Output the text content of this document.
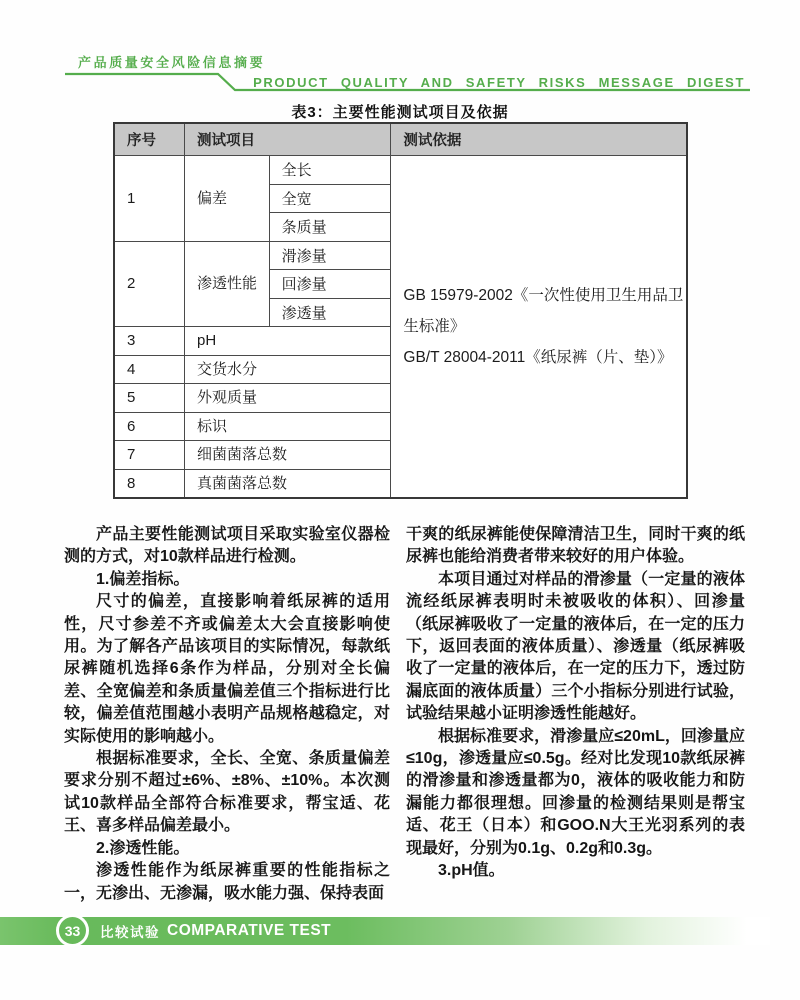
产品质量安全风险信息摘要
PRODUCT QUALITY AND SAFETY RISKS MESSAGE DIGEST
表3：主要性能测试项目及依据
序号	测试项目		测试依据
1	偏差	全长	GB 15979-2002《一次性使用卫生用品卫生标准》
GB/T 28004-2011《纸尿裤（片、垫）》

		全宽	
		条质量	
2	渗透性能	滑渗量	
		回渗量	
		渗透量	
3	pH		
4	交货水分		
5	外观质量		
6	标识		
7	细菌菌落总数		
8	真菌菌落总数		

产品主要性能测试项目采取实验室仪器检测的方式，对10款样品进行检测。

1.偏差指标。

尺寸的偏差，直接影响着纸尿裤的适用性，尺寸参差不齐或偏差太大会直接影响使用。为了解各产品该项目的实际情况，每款纸尿裤随机选择6条作为样品，分别对全长偏差、全宽偏差和条质量偏差值三个指标进行比较，偏差值范围越小表明产品规格越稳定，对实际使用的影响越小。

根据标准要求，全长、全宽、条质量偏差要求分别不超过±6%、±8%、±10%。本次测试10款样品全部符合标准要求，帮宝适、花王、喜多样品偏差最小。

2.渗透性能。

渗透性能作为纸尿裤重要的性能指标之一，无渗出、无渗漏，吸水能力强、保持表面

干爽的纸尿裤能使保障清洁卫生，同时干爽的纸尿裤也能给消费者带来较好的用户体验。

本项目通过对样品的滑渗量（一定量的液体流经纸尿裤表明时未被吸收的体积）、回渗量（纸尿裤吸收了一定量的液体后，在一定的压力下，返回表面的液体质量）、渗透量（纸尿裤吸收了一定量的液体后，在一定的压力下，透过防漏底面的液体质量）三个小指标分别进行试验，试验结果越小证明渗透性能越好。

根据标准要求，滑渗量应≤20mL，回渗量应≤10g，渗透量应≤0.5g。经对比发现10款纸尿裤的滑渗量和渗透量都为0，液体的吸收能力和防漏能力都很理想。回渗量的检测结果则是帮宝适、花王（日本）和GOO.N大王光羽系列的表现最好，分别为0.1g、0.2g和0.3g。

3.pH值。

33	比较试验 COMPARATIVE TEST
